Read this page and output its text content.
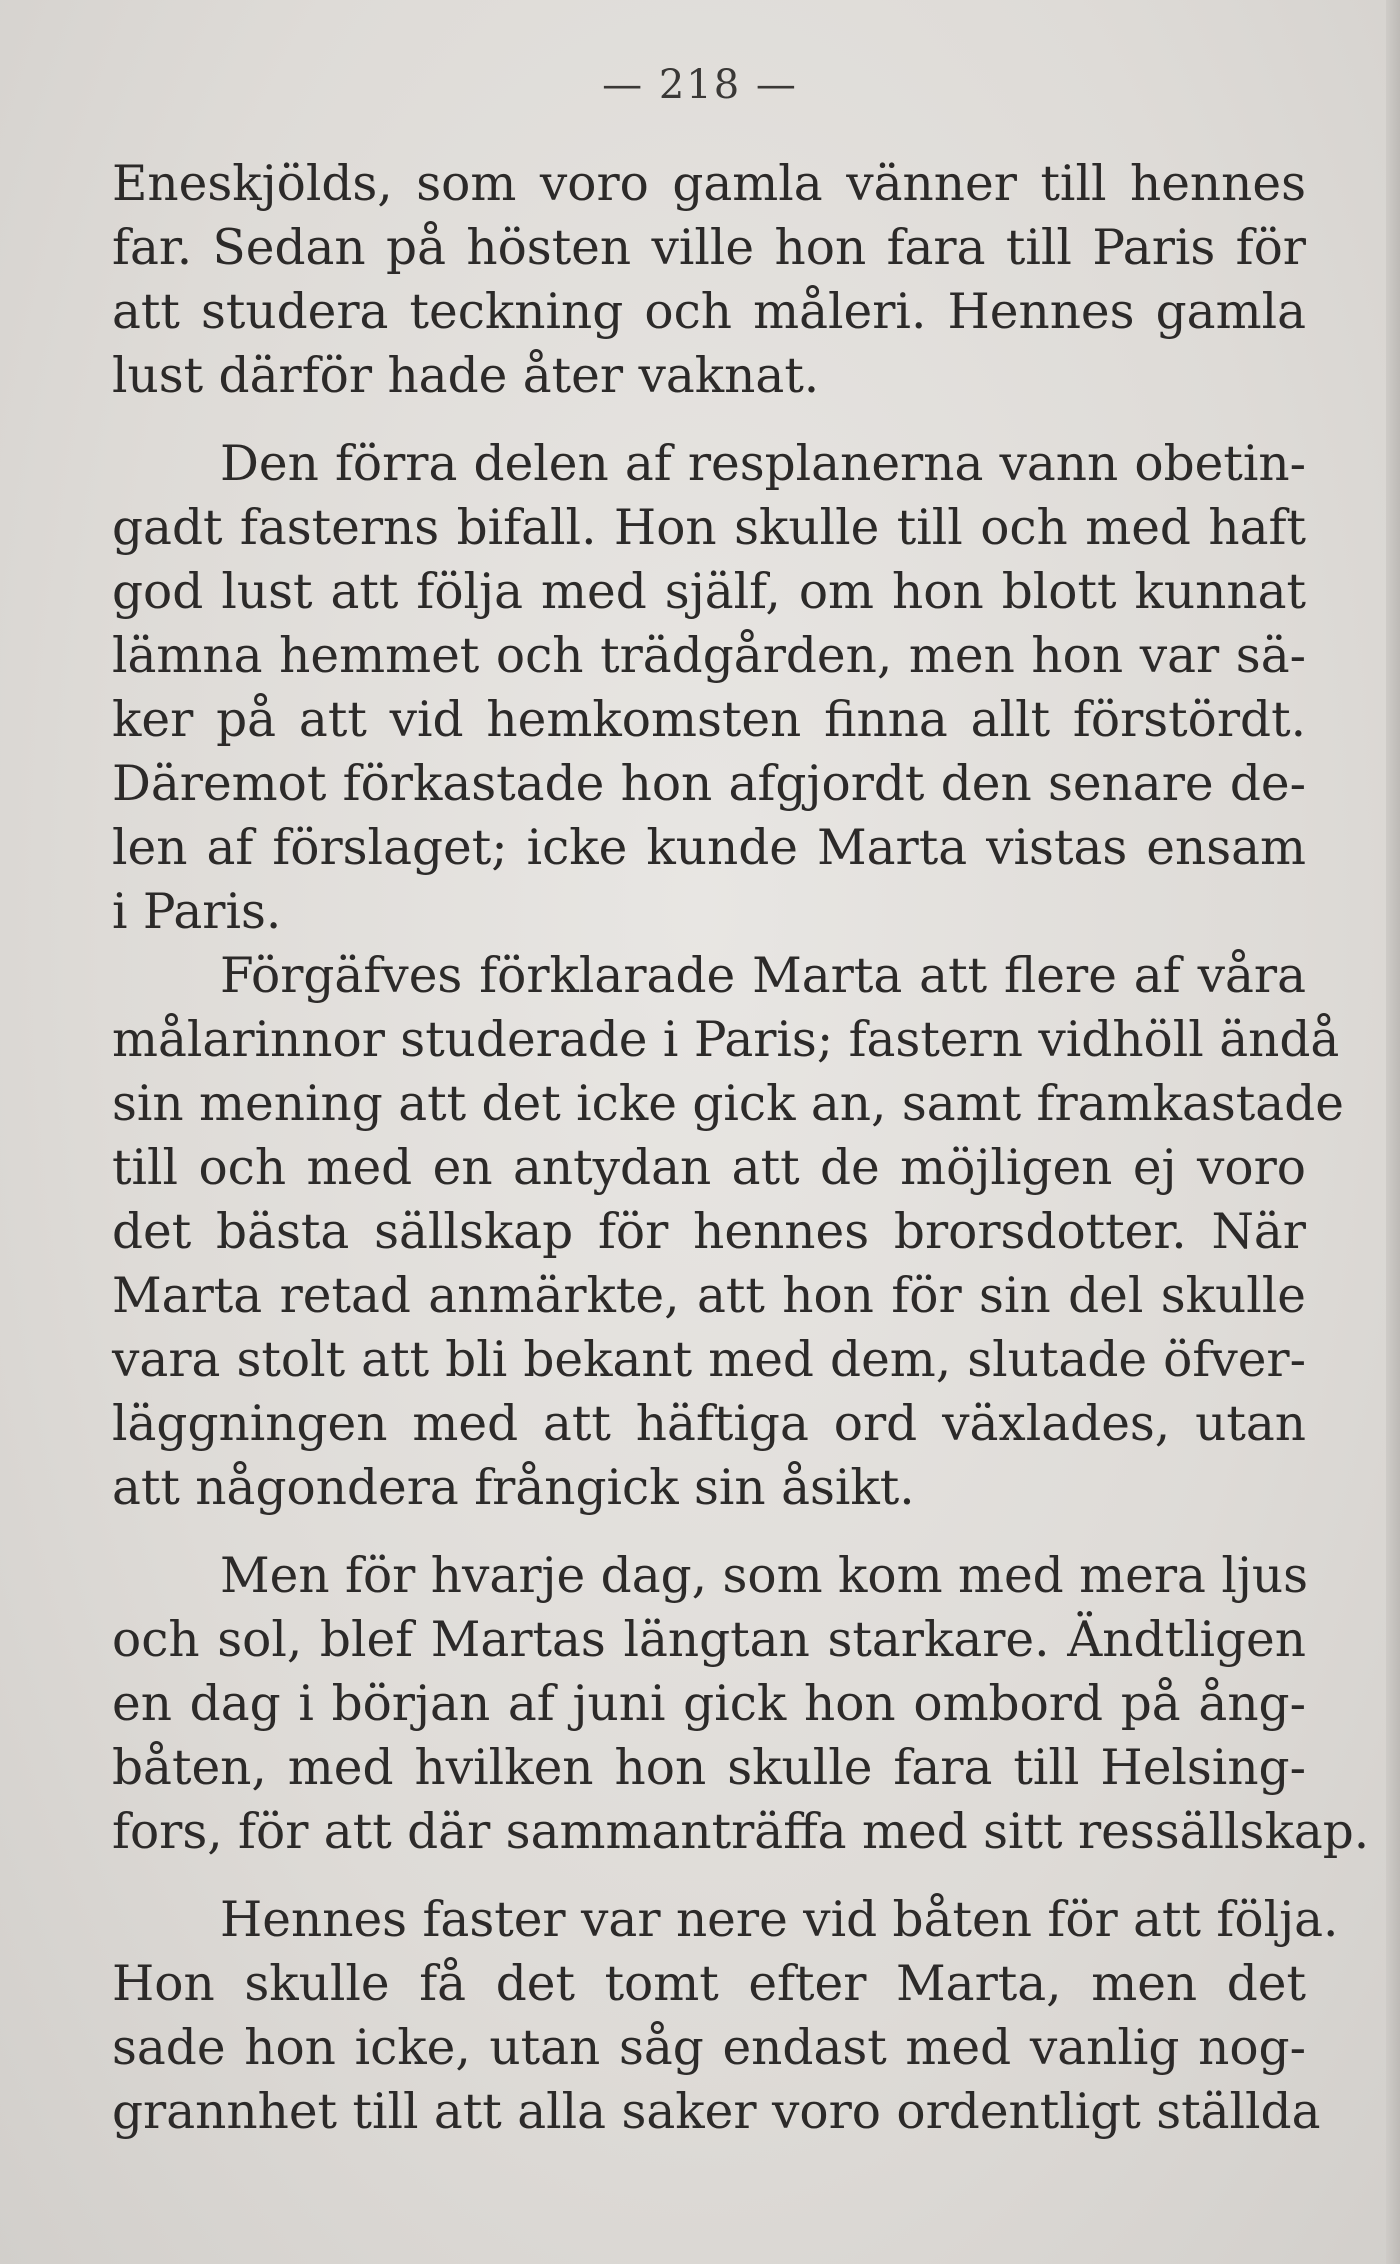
— 218 —
Eneskjölds, som voro gamla vänner till hennes
far. Sedan på hösten ville hon fara till Paris för
att studera teckning och måleri. Hennes gamla
lust därför hade åter vaknat.
Den förra delen af resplanerna vann obetin-
gadt fasterns bifall. Hon skulle till och med haft
god lust att följa med själf, om hon blott kunnat
lämna hemmet och trädgården, men hon var sä-
ker på att vid hemkomsten finna allt förstördt.
Däremot förkastade hon afgjordt den senare de-
len af förslaget; icke kunde Marta vistas ensam
i Paris.
Förgäfves förklarade Marta att flere af våra
målarinnor studerade i Paris; fastern vidhöll ändå
sin mening att det icke gick an, samt framkastade
till och med en antydan att de möjligen ej voro
det bästa sällskap för hennes brorsdotter. När
Marta retad anmärkte, att hon för sin del skulle
vara stolt att bli bekant med dem, slutade öfver-
läggningen med att häftiga ord växlades, utan
att någondera frångick sin åsikt.
Men för hvarje dag, som kom med mera ljus
och sol, blef Martas längtan starkare. Ändtligen
en dag i början af juni gick hon ombord på ång-
båten, med hvilken hon skulle fara till Helsing-
fors, för att där sammanträffa med sitt ressällskap.
Hennes faster var nere vid båten för att följa.
Hon skulle få det tomt efter Marta, men det
sade hon icke, utan såg endast med vanlig nog-
grannhet till att alla saker voro ordentligt ställda
